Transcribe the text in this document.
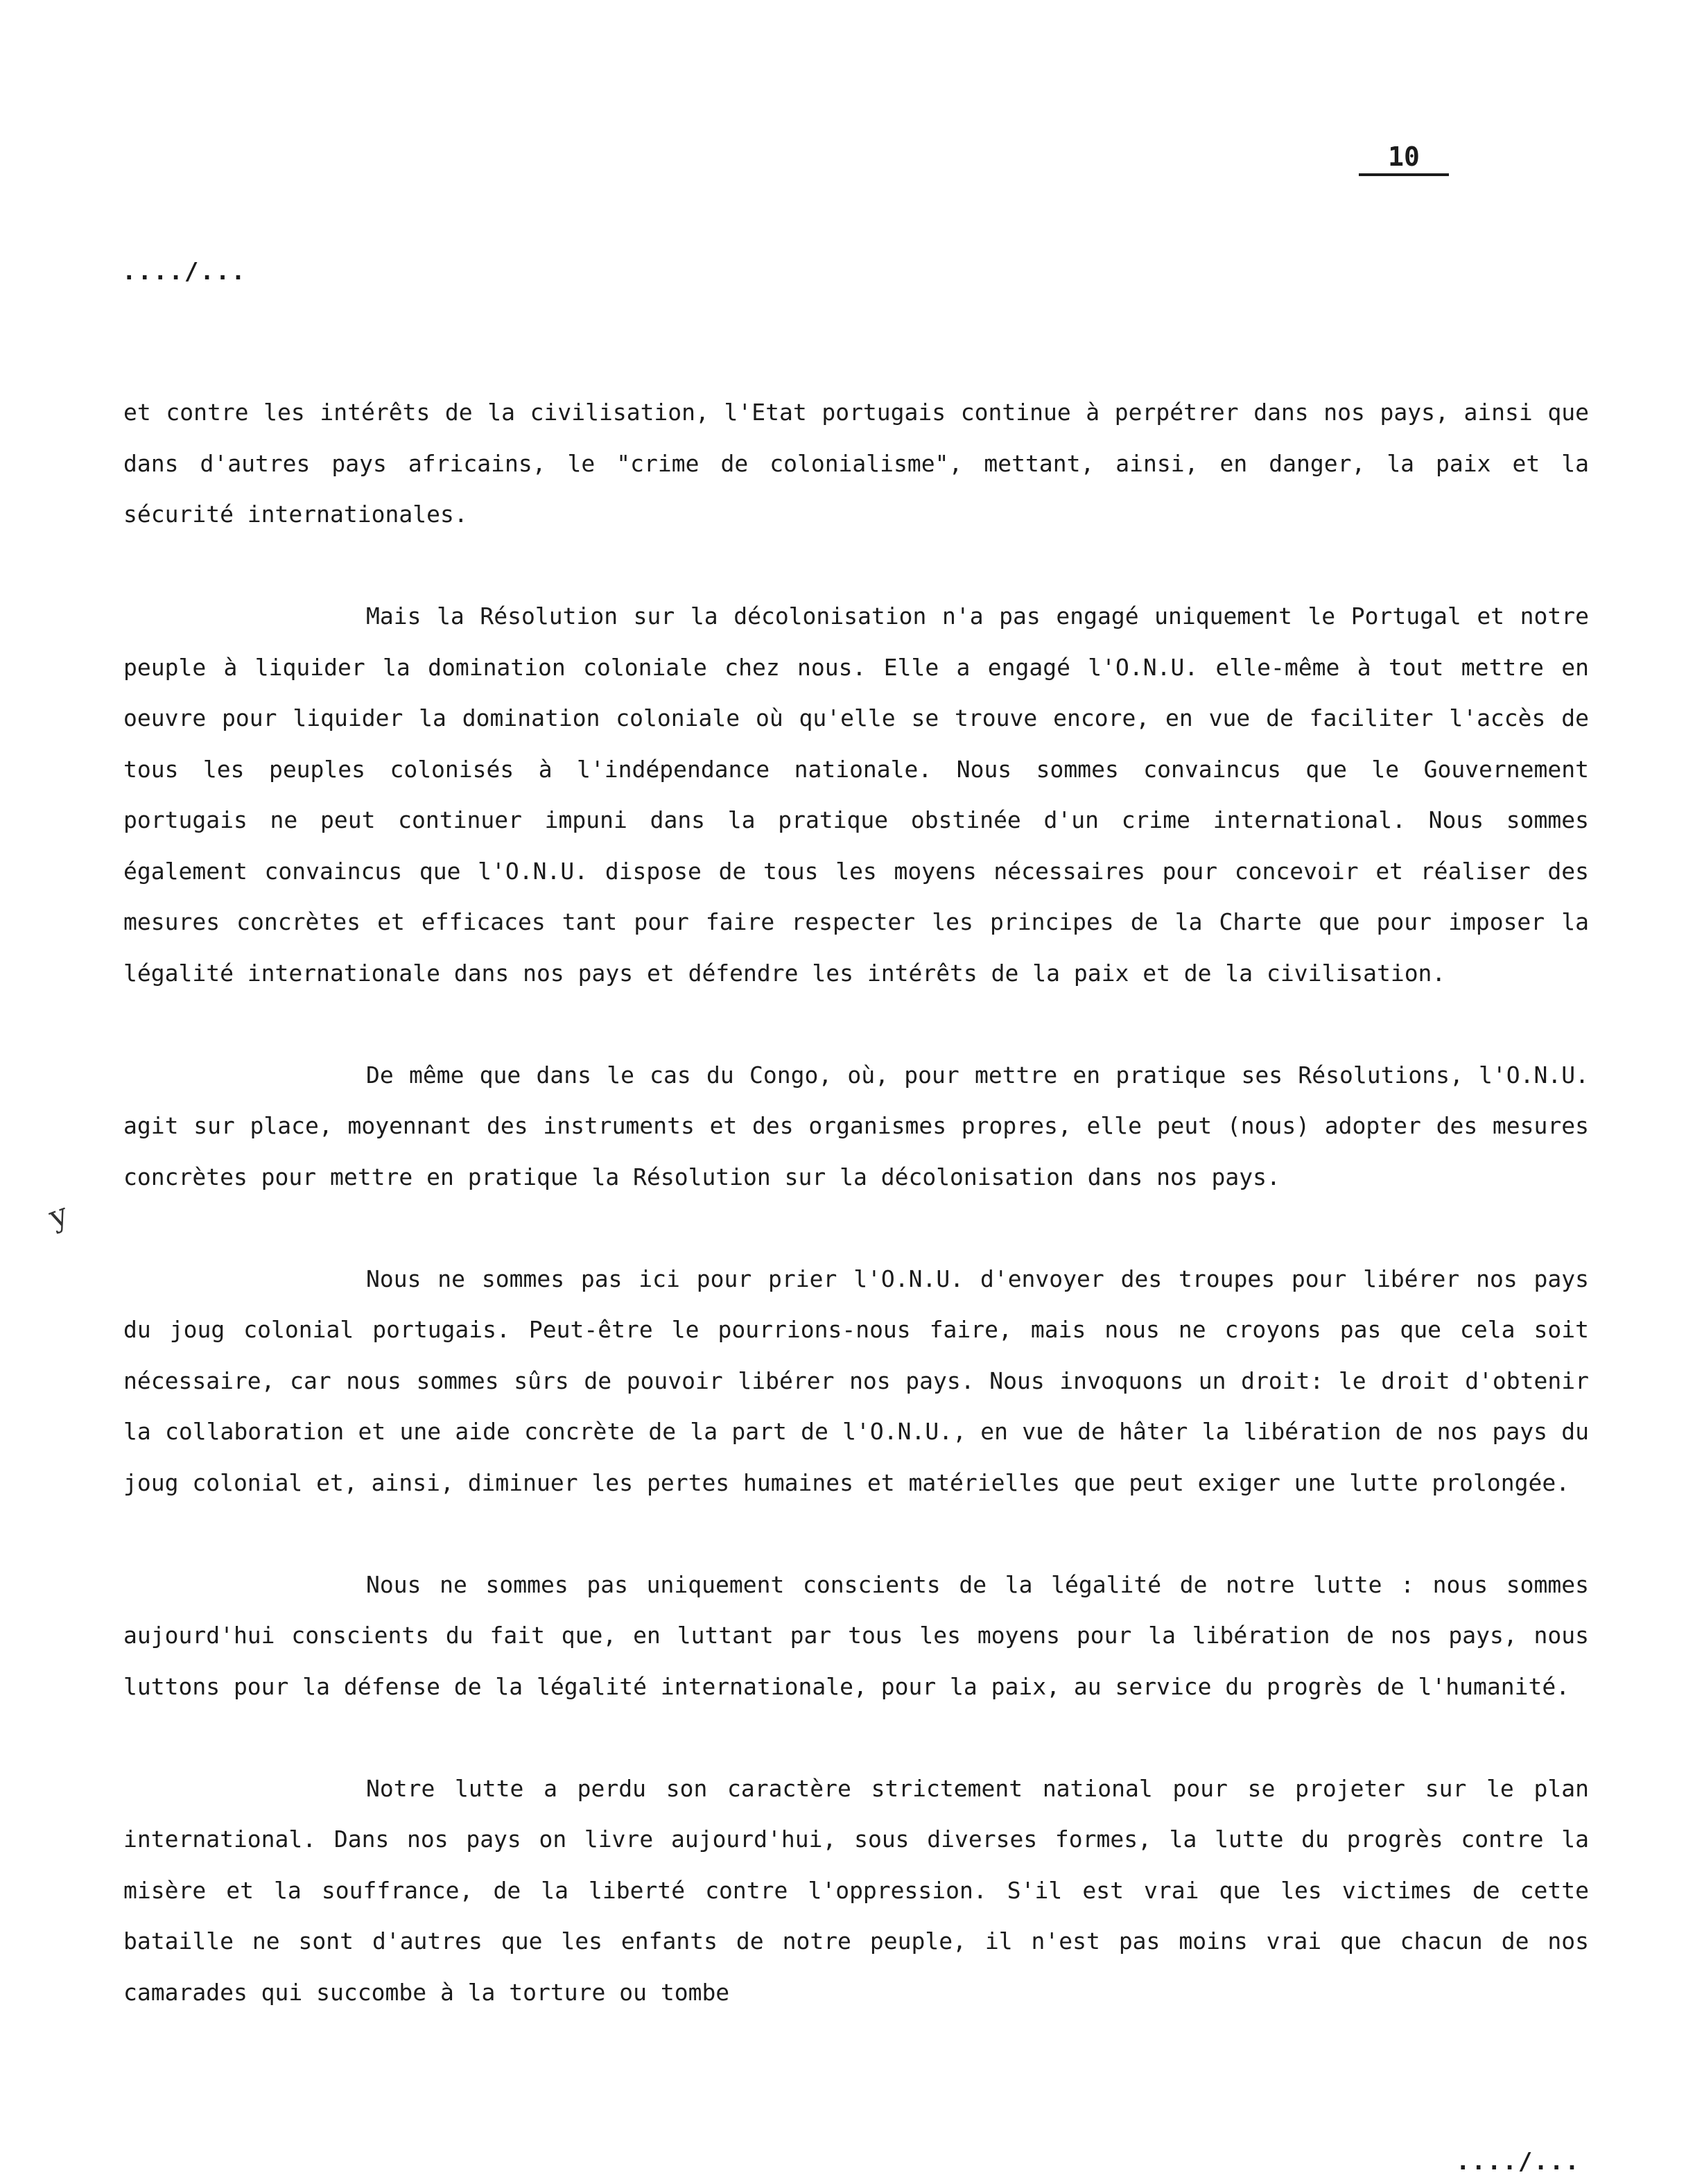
10
..../...

et contre les intérêts de la civilisation, l'Etat portugais continue à perpétrer dans nos pays, ainsi que dans d'autres pays africains, le "crime de colonialisme", mettant, ainsi, en danger, la paix et la sécurité internationales.

Mais la Résolution sur la décolonisation n'a pas engagé uniquement le Portugal et notre peuple à liquider la domination coloniale chez nous. Elle a engagé l'O.N.U. elle-même à tout mettre en oeuvre pour liquider la domination coloniale où qu'elle se trouve encore, en vue de faciliter l'accès de tous les peuples colonisés à l'indépendance nationale. Nous sommes convaincus que le Gouvernement portugais ne peut continuer impuni dans la pratique obstinée d'un crime international. Nous sommes également convaincus que l'O.N.U. dispose de tous les moyens nécessaires pour concevoir et réaliser des mesures concrètes et efficaces tant pour faire respecter les principes de la Charte que pour imposer la légalité internationale dans nos pays et défendre les intérêts de la paix et de la civilisation.

De même que dans le cas du Congo, où, pour mettre en pratique ses Résolutions, l'O.N.U. agit sur place, moyennant des instruments et des organismes propres, elle peut (nous) adopter des mesures concrètes pour mettre en pratique la Résolution sur la décolonisation dans nos pays.

Nous ne sommes pas ici pour prier l'O.N.U. d'envoyer des troupes pour libérer nos pays du joug colonial portugais. Peut-être le pourrions-nous faire, mais nous ne croyons pas que cela soit nécessaire, car nous sommes sûrs de pouvoir libérer nos pays. Nous invoquons un droit: le droit d'obtenir la collaboration et une aide concrète de la part de l'O.N.U., en vue de hâter la libération de nos pays du joug colonial et, ainsi, diminuer les pertes humaines et matérielles que peut exiger une lutte prolongée.

Nous ne sommes pas uniquement conscients de la légalité de notre lutte : nous sommes aujourd'hui conscients du fait que, en luttant par tous les moyens pour la libération de nos pays, nous luttons pour la défense de la légalité internationale, pour la paix, au service du progrès de l'humanité.

Notre lutte a perdu son caractère strictement national pour se projeter sur le plan international. Dans nos pays on livre aujourd'hui, sous diverses formes, la lutte du progrès contre la misère et la souffrance, de la liberté contre l'oppression. S'il est vrai que les victimes de cette bataille ne sont d'autres que les enfants de notre peuple, il n'est pas moins vrai que chacun de nos camarades qui succombe à la torture ou tombe

y
..../...
